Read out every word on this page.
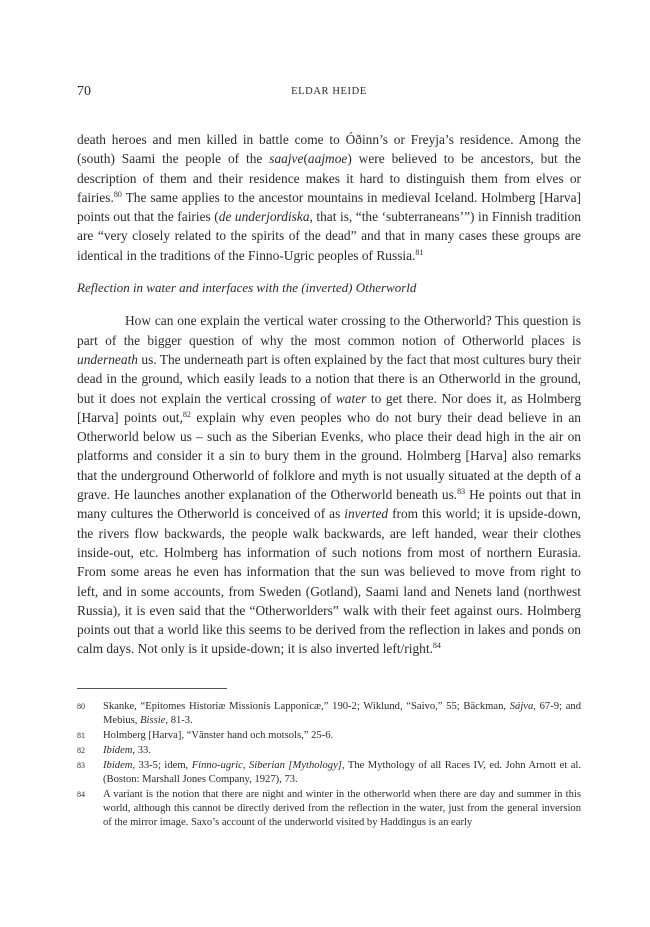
70	ELDAR HEIDE

death heroes and men killed in battle come to Óðinn’s or Freyja’s residence. Among the (south) Saami the people of the saajve(aajmoe) were believed to be ancestors, but the description of them and their residence makes it hard to distinguish them from elves or fairies.$^{80}$ The same applies to the ancestor mountains in medieval Iceland. Holmberg [Harva] points out that the fairies (de underjordiska, that is, “the ‘subterraneans’”) in Finnish tradition are “very closely related to the spirits of the dead” and that in many cases these groups are identical in the traditions of the Finno-Ugric peoples of Russia.$^{81}$

Reflection in water and interfaces with the (inverted) Otherworld

How can one explain the vertical water crossing to the Otherworld? This question is part of the bigger question of why the most common notion of Otherworld places is underneath us. The underneath part is often explained by the fact that most cultures bury their dead in the ground, which easily leads to a notion that there is an Otherworld in the ground, but it does not explain the vertical crossing of water to get there. Nor does it, as Holmberg [Harva] points out,$^{82}$ explain why even peoples who do not bury their dead believe in an Otherworld below us – such as the Siberian Evenks, who place their dead high in the air on platforms and consider it a sin to bury them in the ground. Holmberg [Harva] also remarks that the underground Otherworld of folklore and myth is not usually situated at the depth of a grave. He launches another explanation of the Otherworld beneath us.$^{83}$ He points out that in many cultures the Otherworld is conceived of as inverted from this world; it is upside-down, the rivers flow backwards, the people walk backwards, are left handed, wear their clothes inside-out, etc. Holmberg has information of such notions from most of northern Eurasia. From some areas he even has information that the sun was believed to move from right to left, and in some accounts, from Sweden (Gotland), Saami land and Nenets land (northwest Russia), it is even said that the “Otherworlders” walk with their feet against ours. Holmberg points out that a world like this seems to be derived from the reflection in lakes and ponds on calm days. Not only is it upside-down; it is also inverted left/right.$^{84}$

80 Skanke, “Epitomes Historiæ Missionis Lapponicæ,” 190-2; Wiklund, “Saivo,” 55; Bäckman, Sájva, 67-9; and Mebius, Bissie, 81-3.
81 Holmberg [Harva], “Vänster hand och motsols,” 25-6.
82 Ibidem, 33.
83 Ibidem, 33-5; idem, Finno-ugric, Siberian [Mythology], The Mythology of all Races IV, ed. John Arnott et al. (Boston: Marshall Jones Company, 1927), 73.
84 A variant is the notion that there are night and winter in the otherworld when there are day and summer in this world, although this cannot be directly derived from the reflection in the water, just from the general inversion of the mirror image. Saxo’s account of the underworld visited by Haddingus is an early
